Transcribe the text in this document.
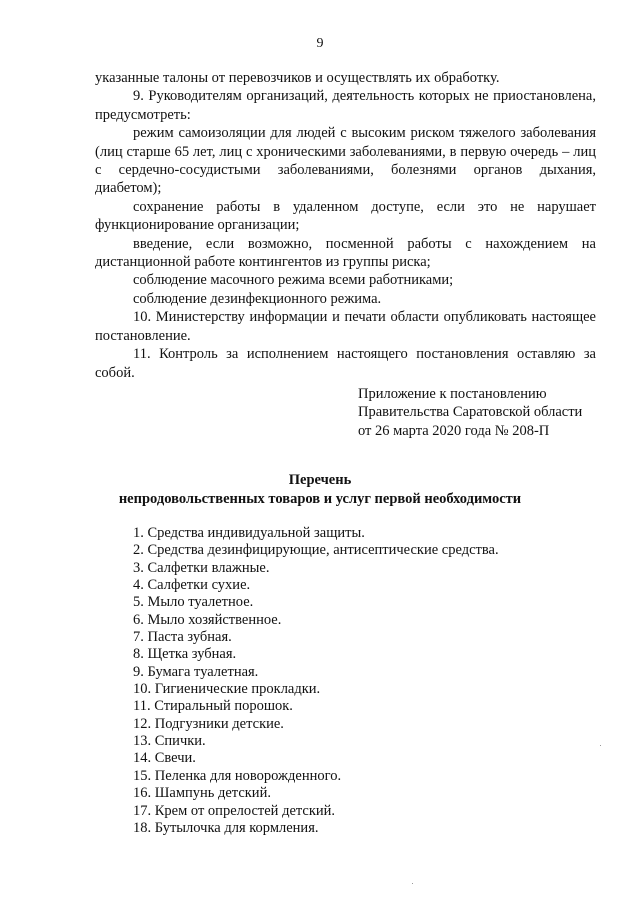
9

указанные талоны от перевозчиков и осуществлять их обработку.

9. Руководителям организаций, деятельность которых не приостановлена, предусмотреть:

режим самоизоляции для людей с высоким риском тяжелого заболевания (лиц старше 65 лет, лиц с хроническими заболеваниями, в первую очередь – лиц с сердечно-сосудистыми заболеваниями, болезнями органов дыхания, диабетом);

сохранение работы в удаленном доступе, если это не нарушает функционирование организации;

введение, если возможно, посменной работы с нахождением на дистанционной работе контингентов из группы риска;

соблюдение масочного режима всеми работниками;

соблюдение дезинфекционного режима.

10. Министерству информации и печати области опубликовать настоящее постановление.

11. Контроль за исполнением настоящего постановления оставляю за собой.

Приложение к постановлению
Правительства Саратовской области
от 26 марта 2020 года № 208-П
Перечень
непродовольственных товаров и услуг первой необходимости
1. Средства индивидуальной защиты.
2. Средства дезинфицирующие, антисептические средства.
3. Салфетки влажные.
4. Салфетки сухие.
5. Мыло туалетное.
6. Мыло хозяйственное.
7. Паста зубная.
8. Щетка зубная.
9. Бумага туалетная.
10. Гигиенические прокладки.
11. Стиральный порошок.
12. Подгузники детские.
13. Спички.
14. Свечи.
15. Пеленка для новорожденного.
16. Шампунь детский.
17. Крем от опрелостей детский.
18. Бутылочка для кормления.
